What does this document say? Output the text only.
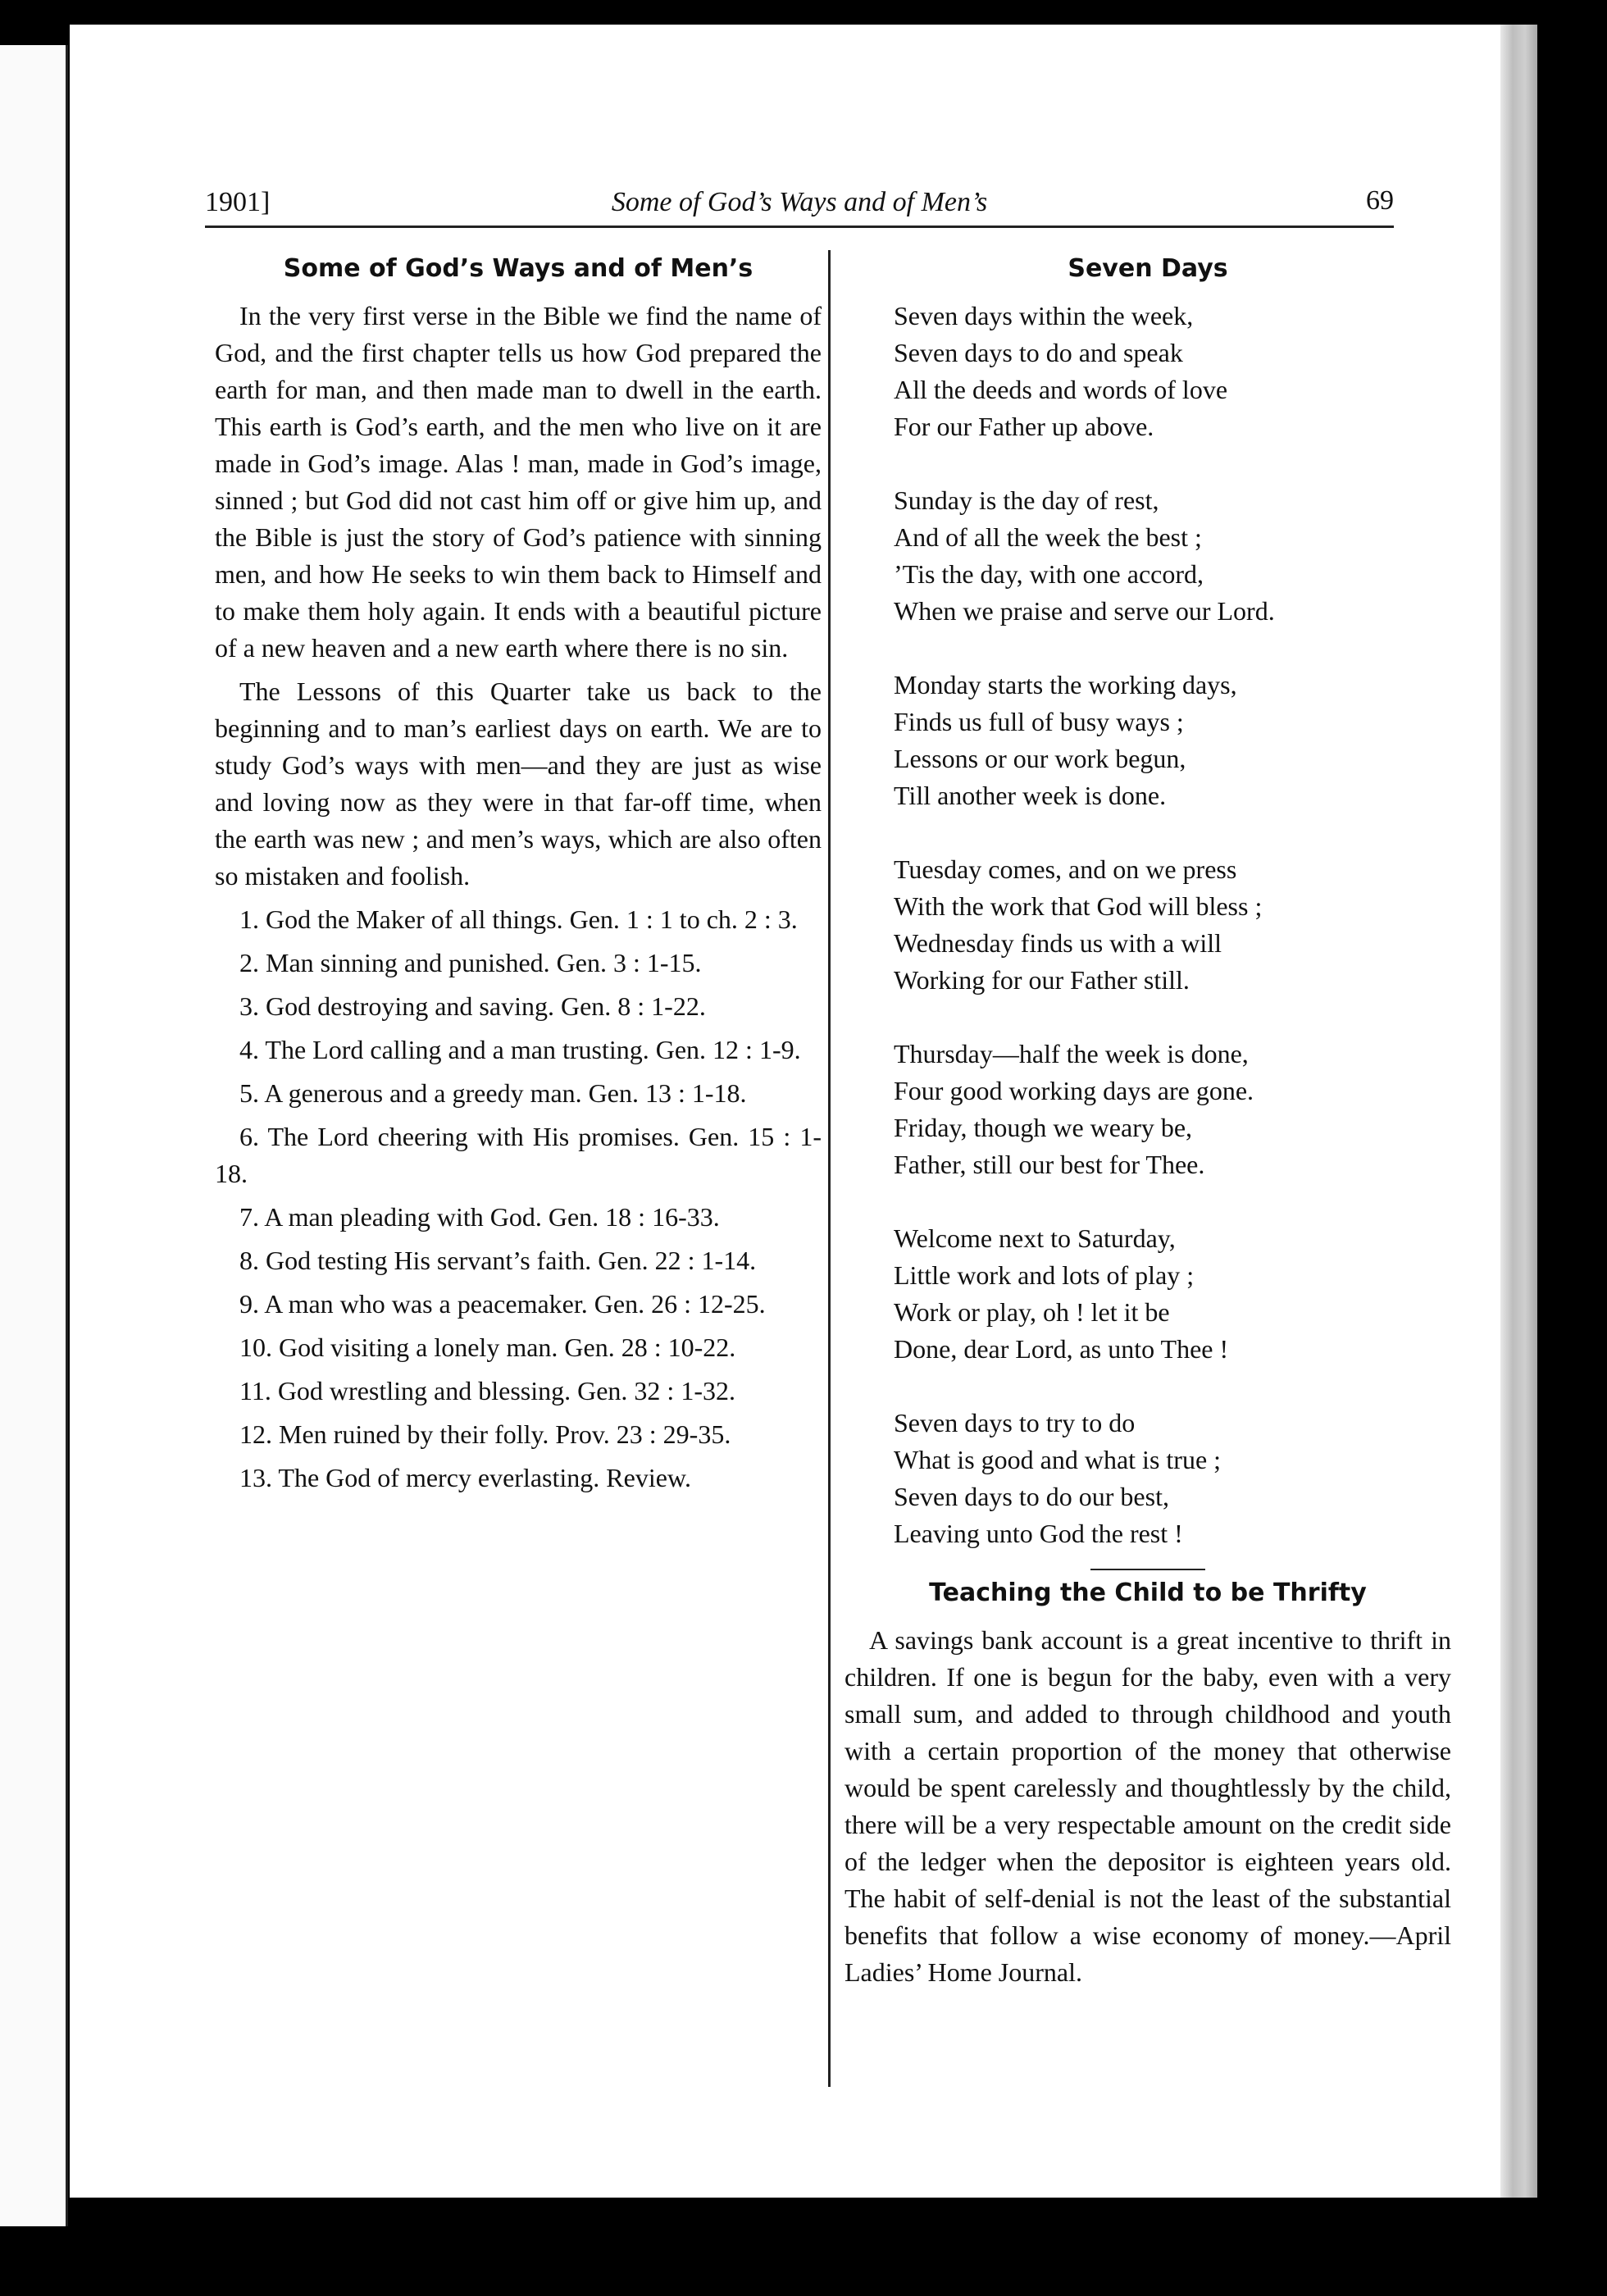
1901]	Some of God’s Ways and of Men’s	69
Some of God’s Ways and of Men’s

In the very first verse in the Bible we find the name of God, and the first chapter tells us how God prepared the earth for man, and then made man to dwell in the earth. This earth is God’s earth, and the men who live on it are made in God’s image. Alas ! man, made in God’s image, sinned ; but God did not cast him off or give him up, and the Bible is just the story of God’s patience with sinning men, and how He seeks to win them back to Himself and to make them holy again. It ends with a beautiful picture of a new heaven and a new earth where there is no sin.

The Lessons of this Quarter take us back to the beginning and to man’s earliest days on earth. We are to study God’s ways with men—and they are just as wise and loving now as they were in that far-off time, when the earth was new ; and men’s ways, which are also often so mistaken and foolish.

1. God the Maker of all things. Gen. 1 : 1 to ch. 2 : 3.
2. Man sinning and punished. Gen. 3 : 1-15.
3. God destroying and saving. Gen. 8 : 1-22.
4. The Lord calling and a man trusting. Gen. 12 : 1-9.
5. A generous and a greedy man. Gen. 13 : 1-18.
6. The Lord cheering with His promises. Gen. 15 : 1-18.
7. A man pleading with God. Gen. 18 : 16-33.
8. God testing His servant’s faith. Gen. 22 : 1-14.
9. A man who was a peacemaker. Gen. 26 : 12-25.
10. God visiting a lonely man. Gen. 28 : 10-22.
11. God wrestling and blessing. Gen. 32 : 1-32.
12. Men ruined by their folly. Prov. 23 : 29-35.
13. The God of mercy everlasting. Review.
Seven Days
Seven days within the week,
Seven days to do and speak
All the deeds and words of love
For our Father up above.
Sunday is the day of rest,
And of all the week the best ;
’Tis the day, with one accord,
When we praise and serve our Lord.
Monday starts the working days,
Finds us full of busy ways ;
Lessons or our work begun,
Till another week is done.
Tuesday comes, and on we press
With the work that God will bless ;
Wednesday finds us with a will
Working for our Father still.
Thursday—half the week is done,
Four good working days are gone.
Friday, though we weary be,
Father, still our best for Thee.
Welcome next to Saturday,
Little work and lots of play ;
Work or play, oh ! let it be
Done, dear Lord, as unto Thee !
Seven days to try to do
What is good and what is true ;
Seven days to do our best,
Leaving unto God the rest !
Teaching the Child to be Thrifty

A savings bank account is a great incentive to thrift in children. If one is begun for the baby, even with a very small sum, and added to through childhood and youth with a certain proportion of the money that otherwise would be spent carelessly and thoughtlessly by the child, there will be a very respectable amount on the credit side of the ledger when the depositor is eighteen years old. The habit of self-denial is not the least of the substantial benefits that follow a wise economy of money.—April Ladies’ Home Journal.
